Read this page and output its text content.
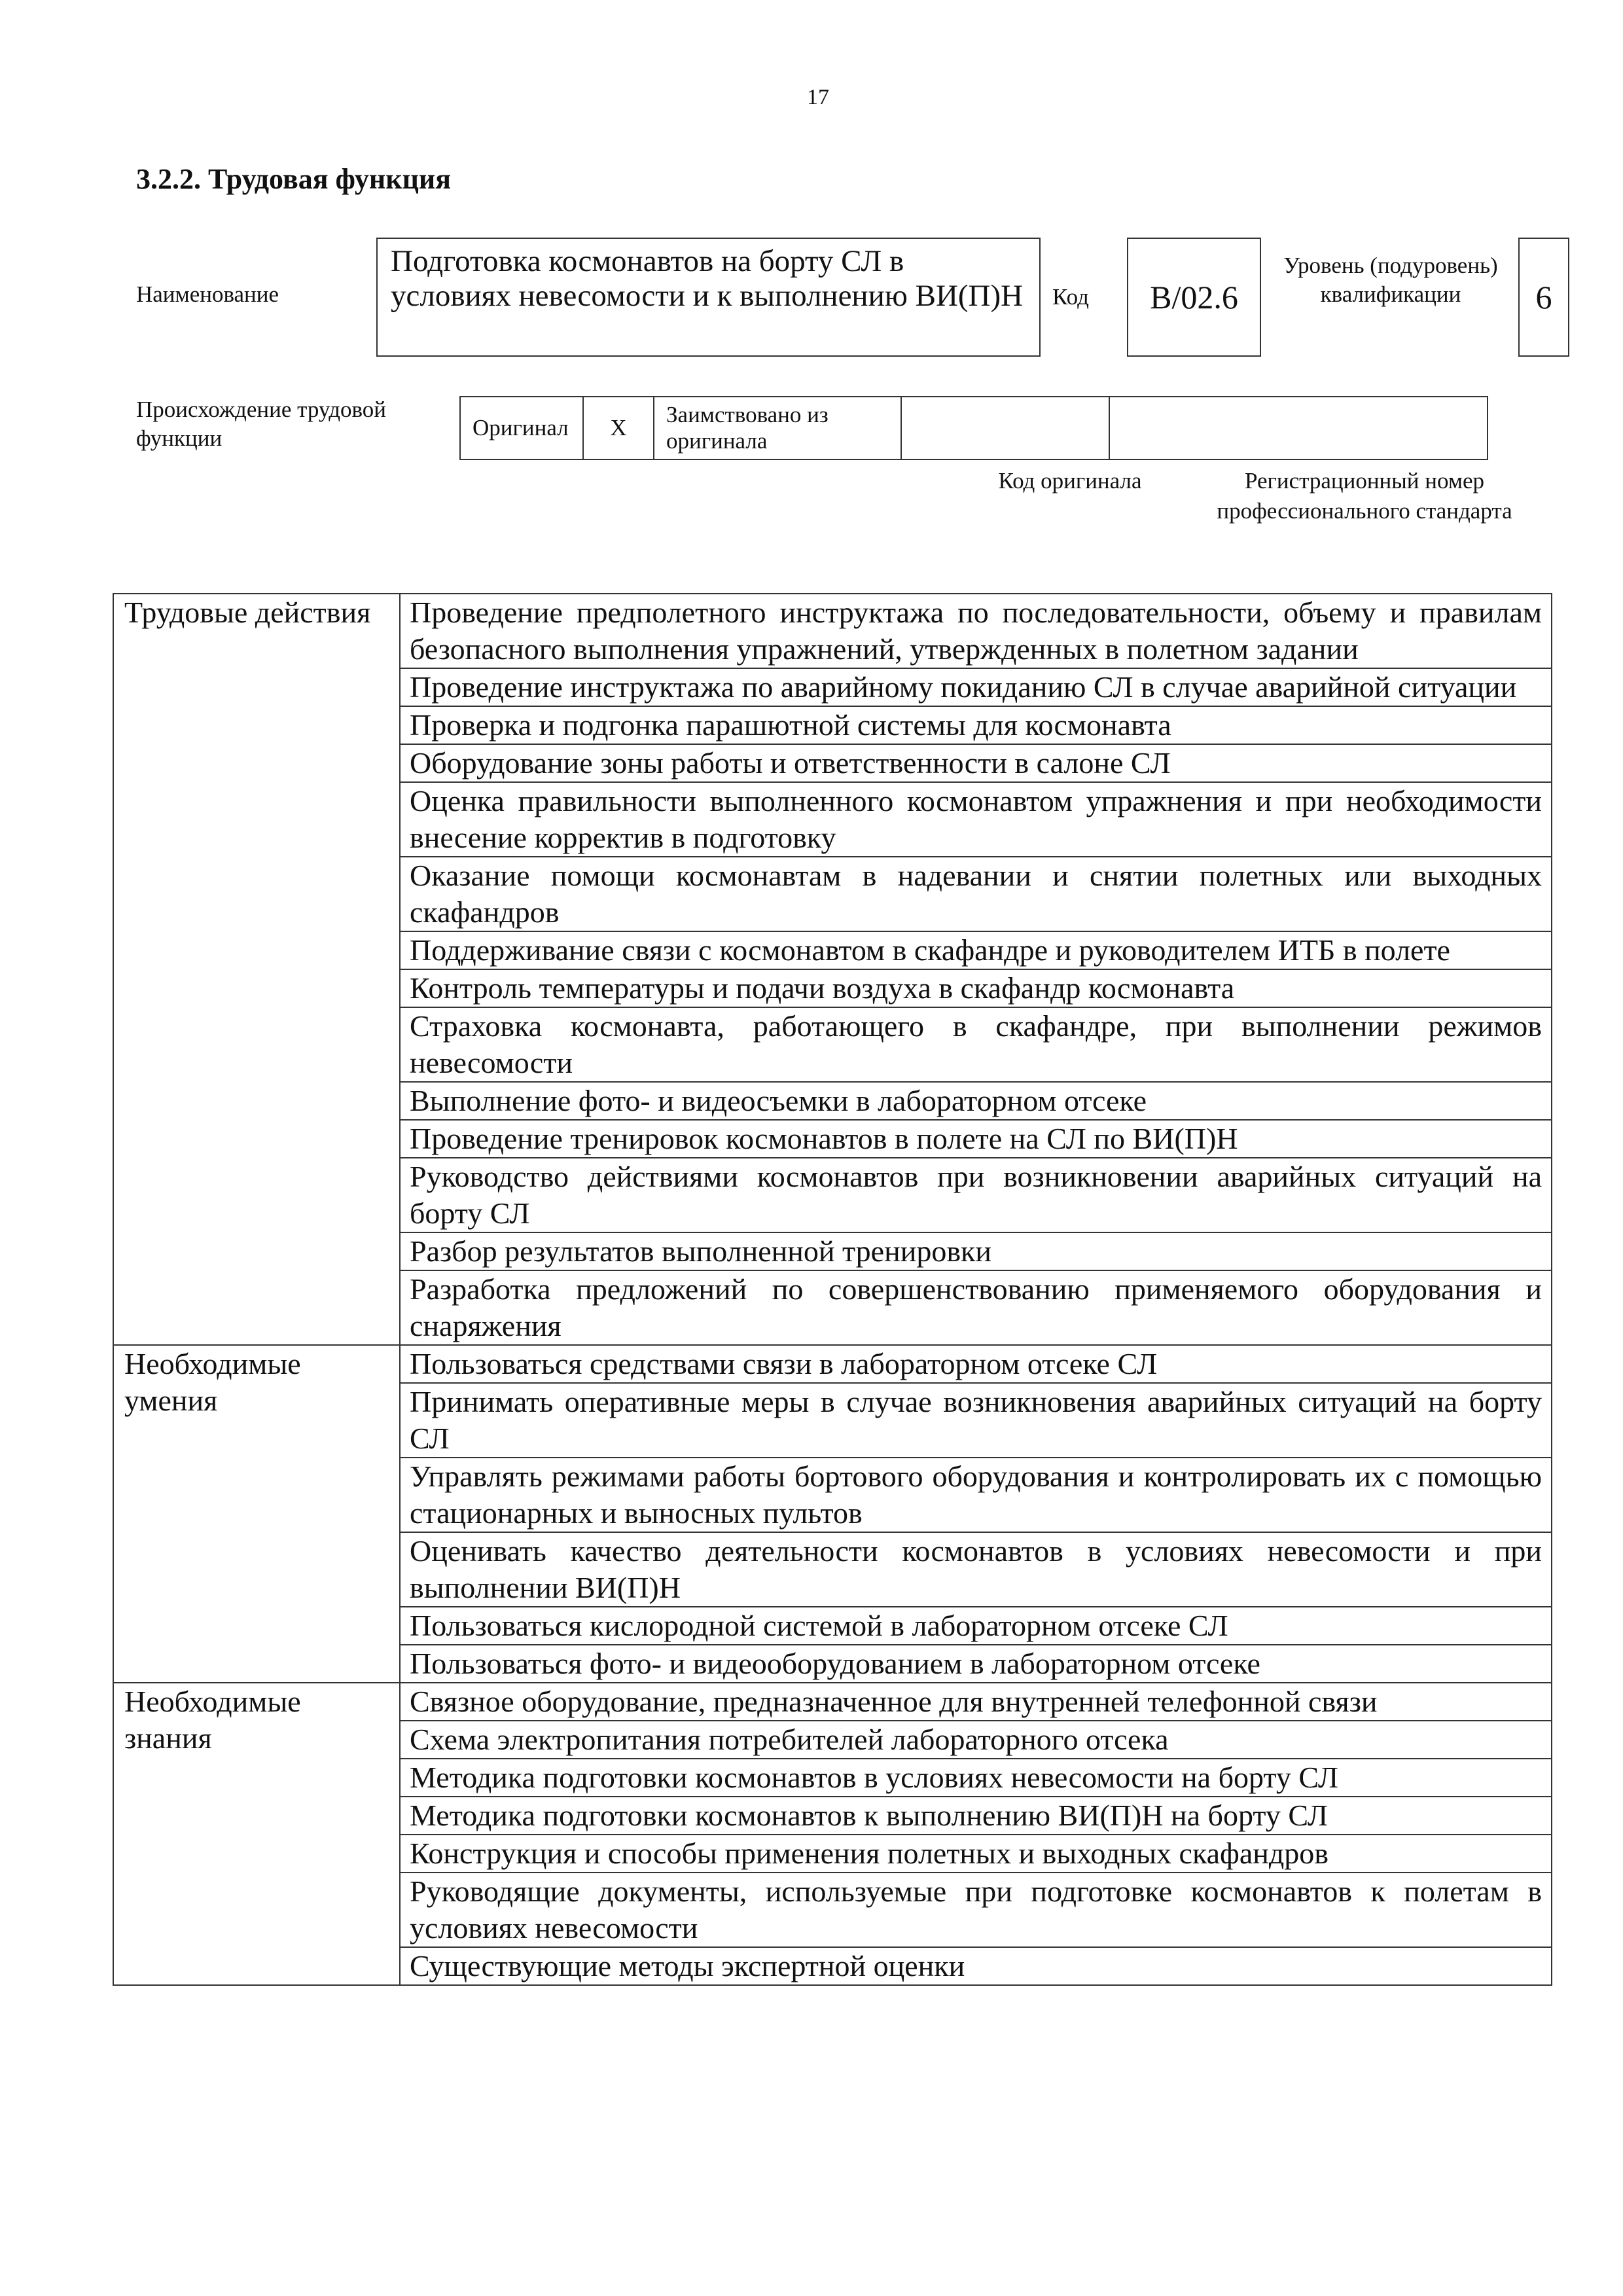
17
3.2.2. Трудовая функция
Наименование
Подготовка космонавтов на борту СЛ в условиях невесомости и к выполнению ВИ(П)Н	Код В/02.6
Уровень (подуровень) квалификации	6
Происхождение трудовой функции	Оригинал	Х	Заимствовано из оригинала		
Код оригинала	Регистрационный номер профессионального стандарта
Трудовые действия	Проведение предполетного инструктажа по последовательности, объему и правилам безопасного выполнения упражнений, утвержденных в полетном задании
	Проведение инструктажа по аварийному покиданию СЛ в случае аварийной ситуации
	Проверка и подгонка парашютной системы для космонавта
	Оборудование зоны работы и ответственности в салоне СЛ
	Оценка правильности выполненного космонавтом упражнения и при необходимости внесение корректив в подготовку
	Оказание помощи космонавтам в надевании и снятии полетных или выходных скафандров
	Поддерживание связи с космонавтом в скафандре и руководителем ИТБ в полете
	Контроль температуры и подачи воздуха в скафандр космонавта
	Страховка космонавта, работающего в скафандре, при выполнении режимов невесомости
	Выполнение фото- и видеосъемки в лабораторном отсеке
	Проведение тренировок космонавтов в полете на СЛ по ВИ(П)Н
	Руководство действиями космонавтов при возникновении аварийных ситуаций на борту СЛ
	Разбор результатов выполненной тренировки
	Разработка предложений по совершенствованию применяемого оборудования и снаряжения
Необходимые умения	Пользоваться средствами связи в лабораторном отсеке СЛ
	Принимать оперативные меры в случае возникновения аварийных ситуаций на борту СЛ
	Управлять режимами работы бортового оборудования и контролировать их с помощью стационарных и выносных пультов
	Оценивать качество деятельности космонавтов в условиях невесомости и при выполнении ВИ(П)Н
	Пользоваться кислородной системой в лабораторном отсеке СЛ
	Пользоваться фото- и видеооборудованием в лабораторном отсеке
Необходимые знания	Связное оборудование, предназначенное для внутренней телефонной связи
	Схема электропитания потребителей лабораторного отсека
	Методика подготовки космонавтов в условиях невесомости на борту СЛ
	Методика подготовки космонавтов к выполнению ВИ(П)Н на борту СЛ
	Конструкция и способы применения полетных и выходных скафандров
	Руководящие документы, используемые при подготовке космонавтов к полетам в условиях невесомости
	Существующие методы экспертной оценки
